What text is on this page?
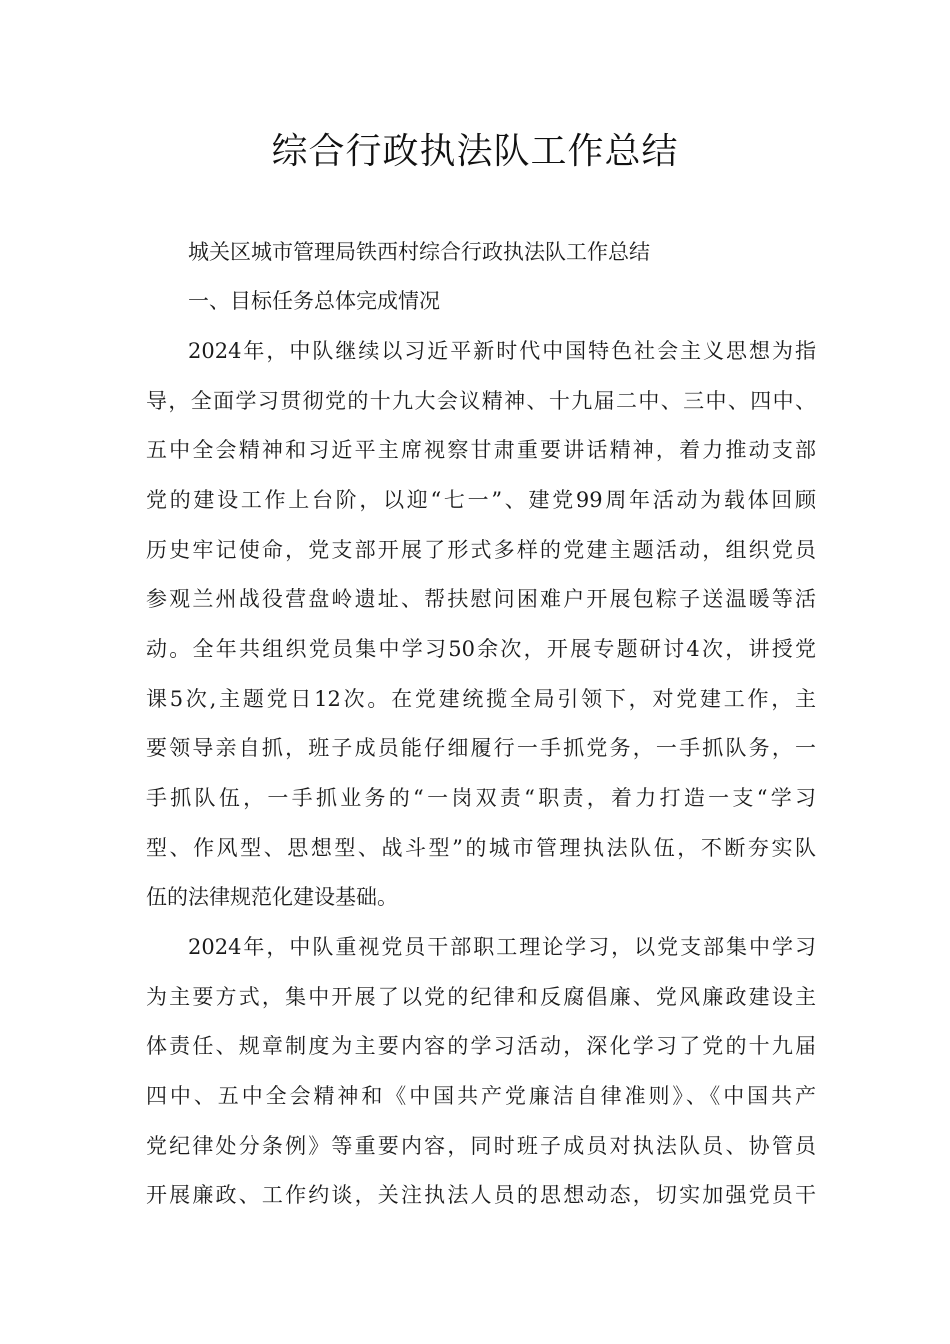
综合行政执法队工作总结
城关区城市管理局铁西村综合行政执法队工作总结
一、目标任务总体完成情况
2024年，中队继续以习近平新时代中国特色社会主义思想为指
导，全面学习贯彻党的十九大会议精神、十九届二中、三中、四中、
五中全会精神和习近平主席视察甘肃重要讲话精神，着力推动支部
党的建设工作上台阶，以迎“七一”、建党99周年活动为载体回顾
历史牢记使命，党支部开展了形式多样的党建主题活动，组织党员
参观兰州战役营盘岭遗址、帮扶慰问困难户开展包粽子送温暖等活
动。全年共组织党员集中学习50余次，开展专题研讨4次，讲授党
课5次,主题党日12次。在党建统揽全局引领下，对党建工作，主
要领导亲自抓，班子成员能仔细履行一手抓党务，一手抓队务，一
手抓队伍，一手抓业务的“一岗双责“职责，着力打造一支“学习
型、作风型、思想型、战斗型”的城市管理执法队伍，不断夯实队
伍的法律规范化建设基础。
2024年，中队重视党员干部职工理论学习，以党支部集中学习
为主要方式，集中开展了以党的纪律和反腐倡廉、党风廉政建设主
体责任、规章制度为主要内容的学习活动，深化学习了党的十九届
四中、五中全会精神和《中国共产党廉洁自律准则》、《中国共产
党纪律处分条例》等重要内容，同时班子成员对执法队员、协管员
开展廉政、工作约谈，关注执法人员的思想动态，切实加强党员干
